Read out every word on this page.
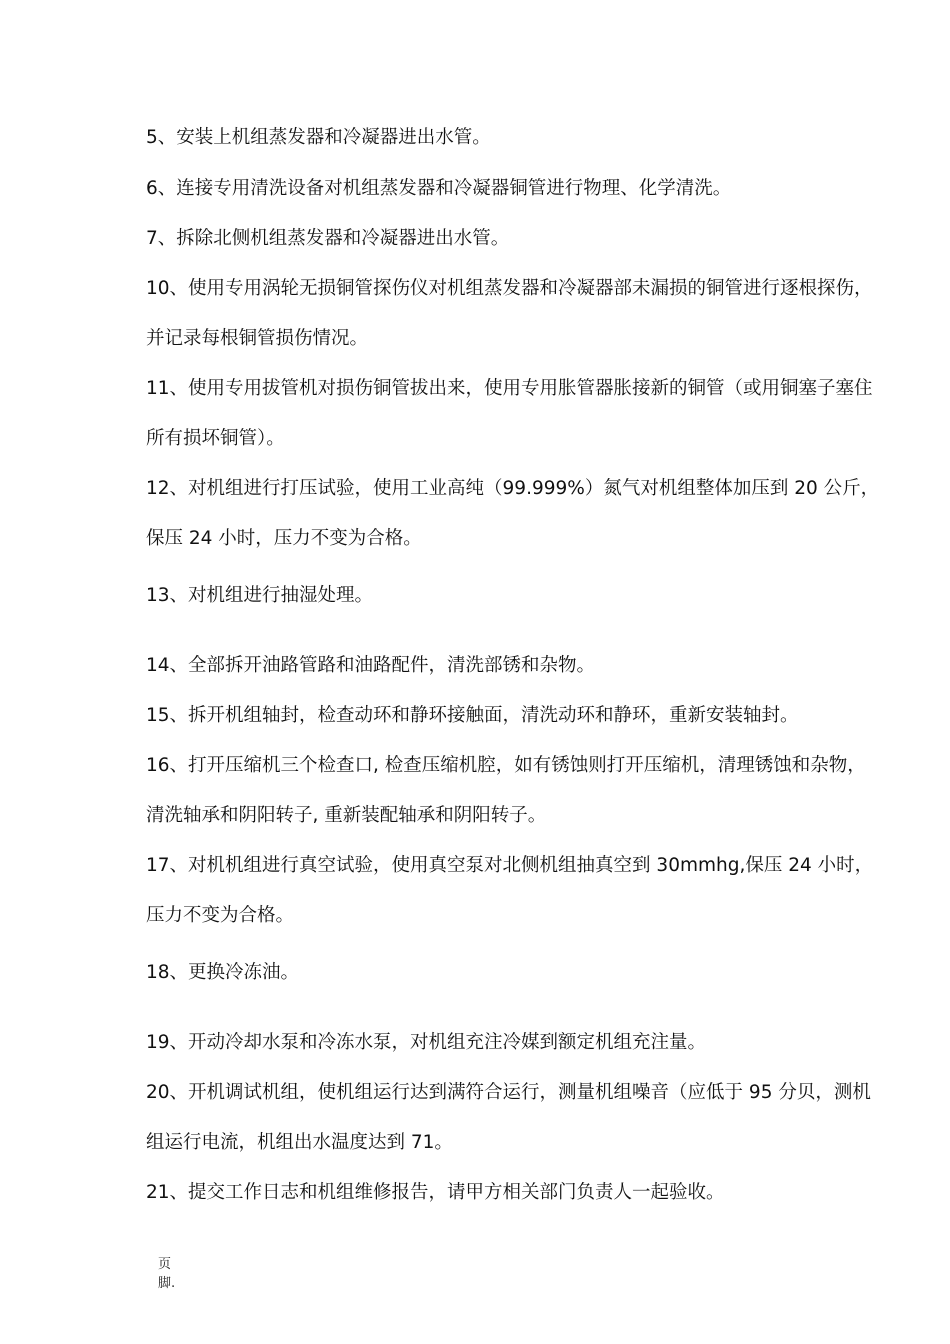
5、安装上机组蒸发器和冷凝器进出水管。
6、连接专用清洗设备对机组蒸发器和冷凝器铜管进行物理、化学清洗。
7、拆除北侧机组蒸发器和冷凝器进出水管。
10、使用专用涡轮无损铜管探伤仪对机组蒸发器和冷凝器部未漏损的铜管进行逐根探伤，
并记录每根铜管损伤情况。
11、使用专用拔管机对损伤铜管拔出来，使用专用胀管器胀接新的铜管（或用铜塞子塞住
所有损坏铜管）。
12、对机组进行打压试验，使用工业高纯（99.999%）氮气对机组整体加压到 20 公斤，
保压 24 小时，压力不变为合格。
13、对机组进行抽湿处理。
14、全部拆开油路管路和油路配件，清洗部锈和杂物。
15、拆开机组轴封，检查动环和静环接触面，清洗动环和静环，重新安装轴封。
16、打开压缩机三个检查口, 检查压缩机腔，如有锈蚀则打开压缩机，清理锈蚀和杂物，
清洗轴承和阴阳转子, 重新装配轴承和阴阳转子。
17、对机机组进行真空试验，使用真空泵对北侧机组抽真空到 30mmhg,保压 24 小时，
压力不变为合格。
18、更换冷冻油。
19、开动冷却水泵和冷冻水泵，对机组充注冷媒到额定机组充注量。
20、开机调试机组，使机组运行达到满符合运行，测量机组噪音（应低于 95 分贝，测机
组运行电流，机组出水温度达到 71。
21、提交工作日志和机组维修报告，请甲方相关部门负责人一起验收。
页
脚.
